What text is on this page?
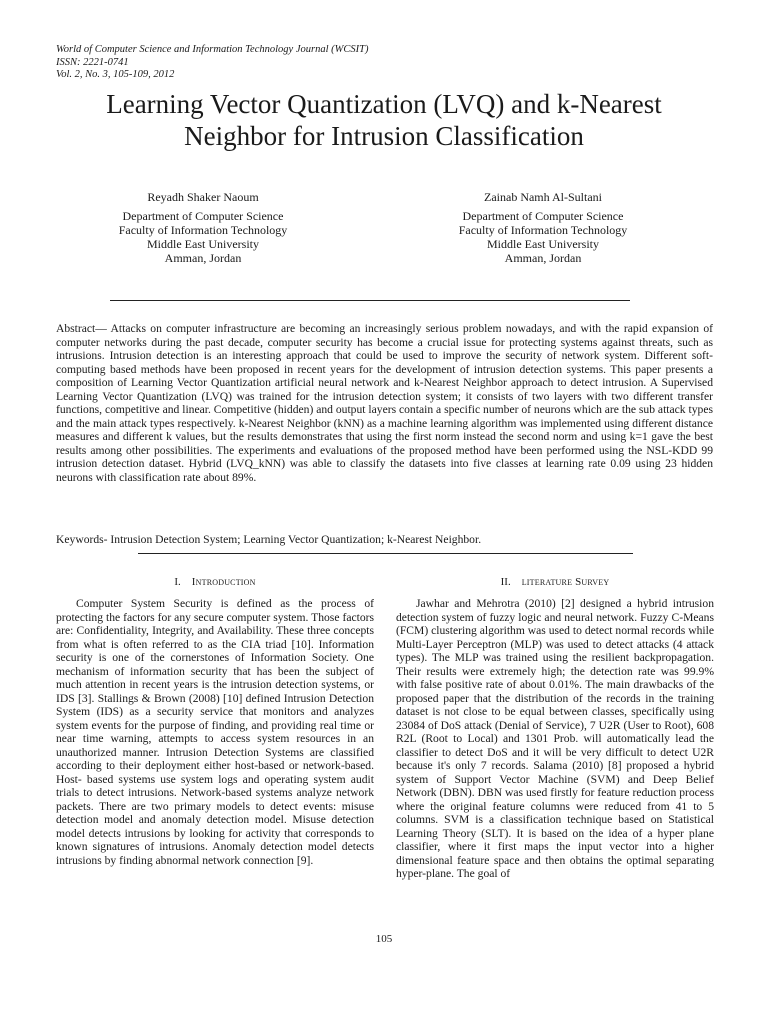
World of Computer Science and Information Technology Journal (WCSIT)
ISSN: 2221-0741
Vol. 2, No. 3, 105-109, 2012
Learning Vector Quantization (LVQ) and k-Nearest
Neighbor for Intrusion Classification
Reyadh Shaker Naoum
Department of Computer Science
Faculty of Information Technology
Middle East University
Amman, Jordan
Zainab Namh Al-Sultani
Department of Computer Science
Faculty of Information Technology
Middle East University
Amman, Jordan
Abstract— Attacks on computer infrastructure are becoming an increasingly serious problem nowadays, and with the rapid expansion of computer networks during the past decade, computer security has become a crucial issue for protecting systems against threats, such as intrusions. Intrusion detection is an interesting approach that could be used to improve the security of network system. Different soft-computing based methods have been proposed in recent years for the development of intrusion detection systems. This paper presents a composition of Learning Vector Quantization artificial neural network and k-Nearest Neighbor approach to detect intrusion. A Supervised Learning Vector Quantization (LVQ) was trained for the intrusion detection system; it consists of two layers with two different transfer functions, competitive and linear. Competitive (hidden) and output layers contain a specific number of neurons which are the sub attack types and the main attack types respectively. k-Nearest Neighbor (kNN) as a machine learning algorithm was implemented using different distance measures and different k values, but the results demonstrates that using the first norm instead the second norm and using k=1 gave the best results among other possibilities. The experiments and evaluations of the proposed method have been performed using the NSL-KDD 99 intrusion detection dataset. Hybrid (LVQ_kNN) was able to classify the datasets into five classes at learning rate 0.09 using 23 hidden neurons with classification rate about 89%.
Keywords- Intrusion Detection System; Learning Vector Quantization; k-Nearest Neighbor.
I. Introduction	II. literature Survey

Computer System Security is defined as the process of protecting the factors for any secure computer system. Those factors are: Confidentiality, Integrity, and Availability. These three concepts from what is often referred to as the CIA triad [10]. Information security is one of the cornerstones of Information Society. One mechanism of information security that has been the subject of much attention in recent years is the intrusion detection systems, or IDS [3]. Stallings & Brown (2008) [10] defined Intrusion Detection System (IDS) as a security service that monitors and analyzes system events for the purpose of finding, and providing real time or near time warning, attempts to access system resources in an unauthorized manner. Intrusion Detection Systems are classified according to their deployment either host-based or network-based. Host- based systems use system logs and operating system audit trials to detect intrusions. Network-based systems analyze network packets. There are two primary models to detect events: misuse detection model and anomaly detection model. Misuse detection model detects intrusions by looking for activity that corresponds to known signatures of intrusions. Anomaly detection model detects intrusions by finding abnormal network connection [9].

Jawhar and Mehrotra (2010) [2] designed a hybrid intrusion detection system of fuzzy logic and neural network. Fuzzy C-Means (FCM) clustering algorithm was used to detect normal records while Multi-Layer Perceptron (MLP) was used to detect attacks (4 attack types). The MLP was trained using the resilient backpropagation. Their results were extremely high; the detection rate was 99.9% with false positive rate of about 0.01%. The main drawbacks of the proposed paper that the distribution of the records in the training dataset is not close to be equal between classes, specifically using 23084 of DoS attack (Denial of Service), 7 U2R (User to Root), 608 R2L (Root to Local) and 1301 Prob. will automatically lead the classifier to detect DoS and it will be very difficult to detect U2R because it's only 7 records. Salama (2010) [8] proposed a hybrid system of Support Vector Machine (SVM) and Deep Belief Network (DBN). DBN was used firstly for feature reduction process where the original feature columns were reduced from 41 to 5 columns. SVM is a classification technique based on Statistical Learning Theory (SLT). It is based on the idea of a hyper plane classifier, where it first maps the input vector into a higher dimensional feature space and then obtains the optimal separating hyper-plane. The goal of

105
